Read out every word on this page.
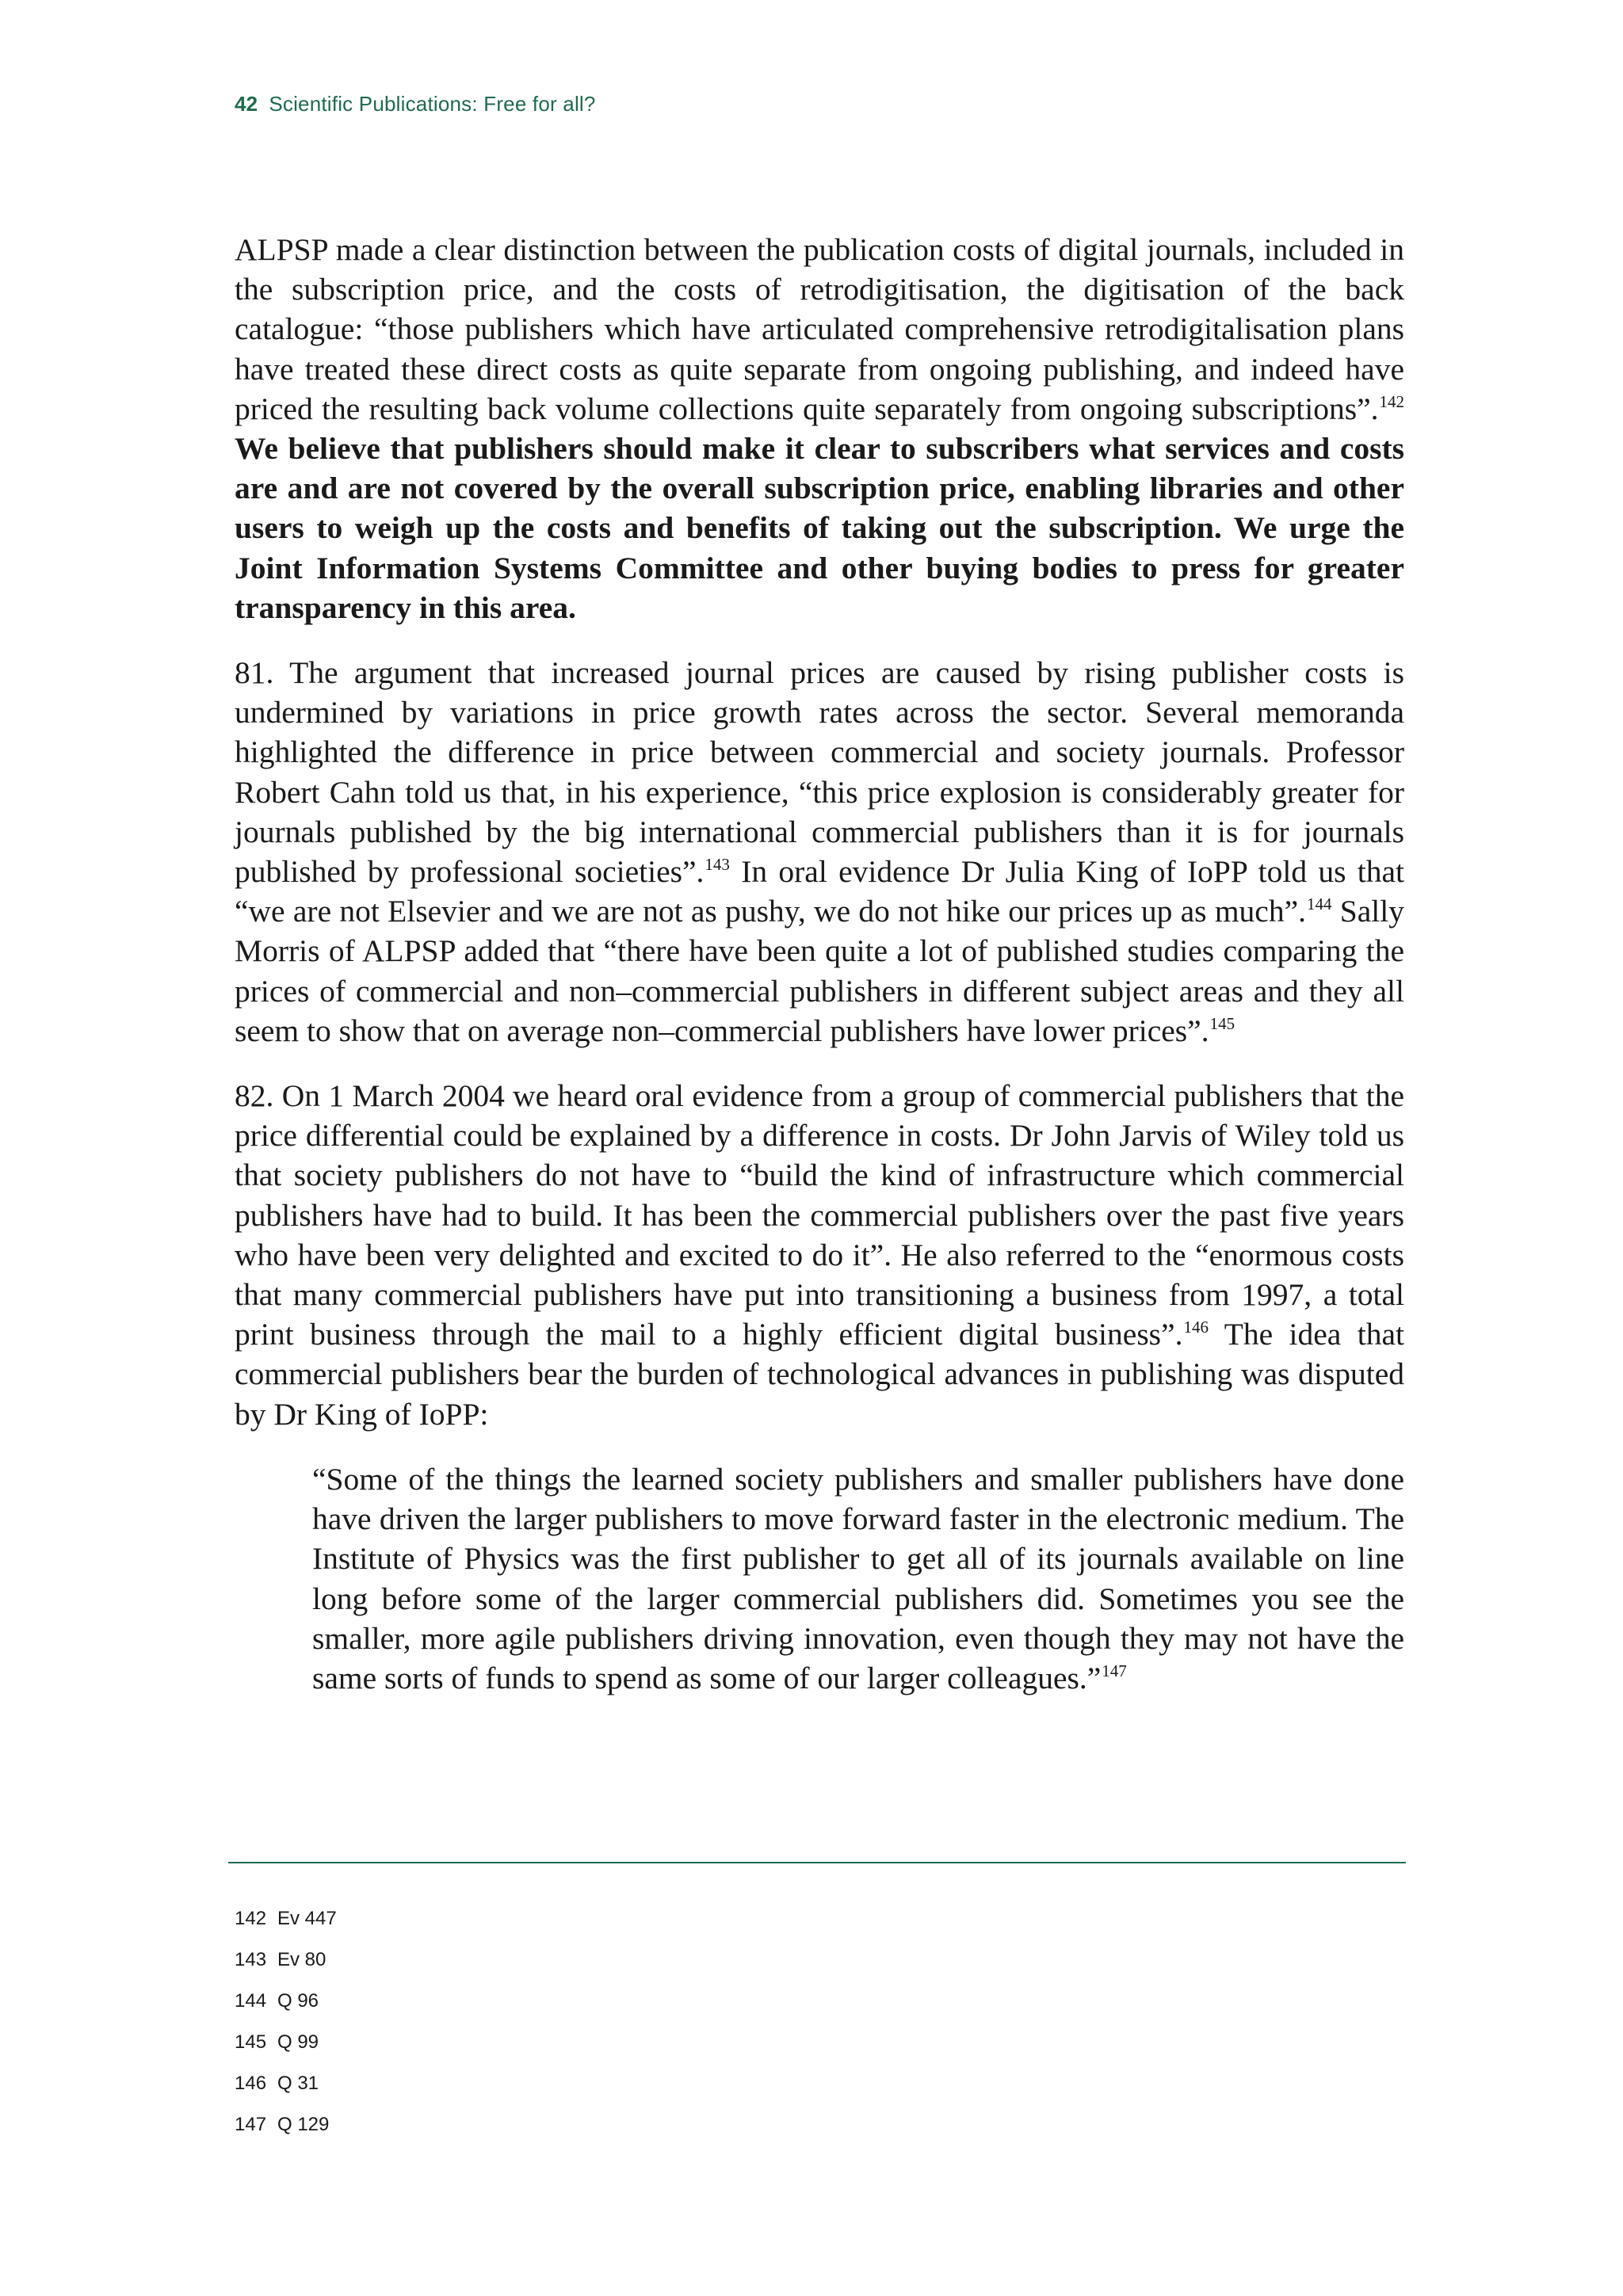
42 Scientific Publications: Free for all?

ALPSP made a clear distinction between the publication costs of digital journals, included in the subscription price, and the costs of retrodigitisation, the digitisation of the back catalogue: “those publishers which have articulated comprehensive retrodigitalisation plans have treated these direct costs as quite separate from ongoing publishing, and indeed have priced the resulting back volume collections quite separately from ongoing subscriptions”.$^{142}$ We believe that publishers should make it clear to subscribers what services and costs are and are not covered by the overall subscription price, enabling libraries and other users to weigh up the costs and benefits of taking out the subscription. We urge the Joint Information Systems Committee and other buying bodies to press for greater transparency in this area.

81. The argument that increased journal prices are caused by rising publisher costs is undermined by variations in price growth rates across the sector. Several memoranda highlighted the difference in price between commercial and society journals. Professor Robert Cahn told us that, in his experience, “this price explosion is considerably greater for journals published by the big international commercial publishers than it is for journals published by professional societies”.$^{143}$ In oral evidence Dr Julia King of IoPP told us that “we are not Elsevier and we are not as pushy, we do not hike our prices up as much”.$^{144}$ Sally Morris of ALPSP added that “there have been quite a lot of published studies comparing the prices of commercial and non–commercial publishers in different subject areas and they all seem to show that on average non–commercial publishers have lower prices”.$^{145}$

82. On 1 March 2004 we heard oral evidence from a group of commercial publishers that the price differential could be explained by a difference in costs. Dr John Jarvis of Wiley told us that society publishers do not have to “build the kind of infrastructure which commercial publishers have had to build. It has been the commercial publishers over the past five years who have been very delighted and excited to do it”. He also referred to the “enormous costs that many commercial publishers have put into transitioning a business from 1997, a total print business through the mail to a highly efficient digital business”.$^{146}$ The idea that commercial publishers bear the burden of technological advances in publishing was disputed by Dr King of IoPP:

“Some of the things the learned society publishers and smaller publishers have done have driven the larger publishers to move forward faster in the electronic medium. The Institute of Physics was the first publisher to get all of its journals available on line long before some of the larger commercial publishers did. Sometimes you see the smaller, more agile publishers driving innovation, even though they may not have the same sorts of funds to spend as some of our larger colleagues.”$^{147}$

142 Ev 447
143 Ev 80
144 Q 96
145 Q 99
146 Q 31
147 Q 129
